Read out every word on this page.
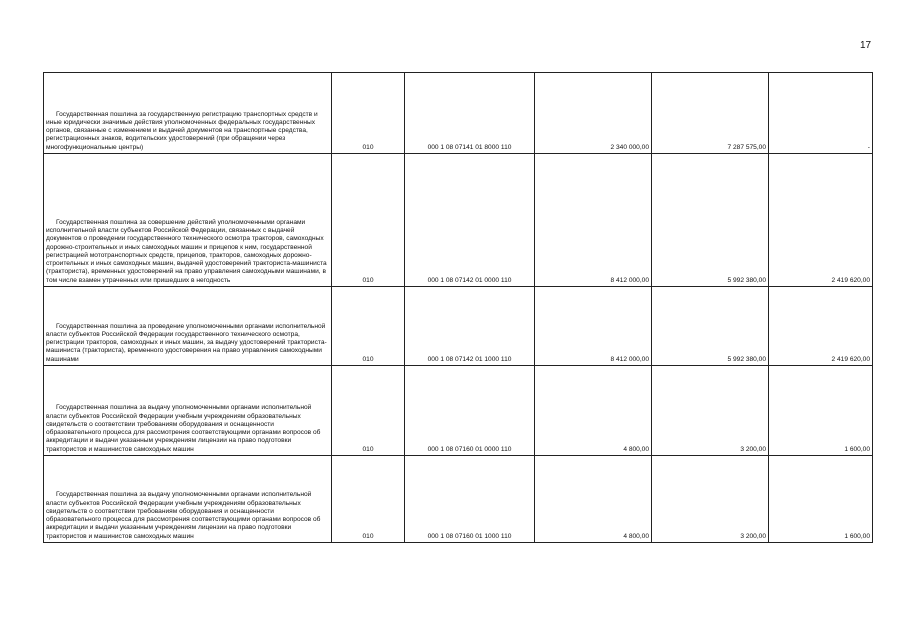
17
Государственная пошлина за государственную регистрацию транспортных средств и иные юридически значимые действия уполномоченных федеральных государственных органов, связанные с изменением и выдачей документов на транспортные средства, регистрационных знаков, водительских удостоверений (при обращении через многофункциональные центры)	010	000 1 08 07141 01 8000 110	2 340 000,00	7 287 575,00	-

Государственная пошлина за совершение действий уполномоченными органами исполнительной власти субъектов Российской Федерации, связанных с выдачей документов о проведении государственного технического осмотра тракторов, самоходных дорожно-строительных и иных самоходных машин и прицепов к ним, государственной регистрацией мототранспортных средств, прицепов, тракторов, самоходных дорожно-строительных и иных самоходных машин, выдачей удостоверений тракториста-машиниста (тракториста), временных удостоверений на право управления самоходными машинами, в том числе взамен утраченных или пришедших в негодность	010	000 1 08 07142 01 0000 110	8 412 000,00	5 992 380,00	2 419 620,00

Государственная пошлина за проведение уполномоченными органами исполнительной власти субъектов Российской Федерации государственного технического осмотра, регистрации тракторов, самоходных и иных машин, за выдачу удостоверений тракториста-машиниста (тракториста), временного удостоверения на право управления самоходными машинами	010	000 1 08 07142 01 1000 110	8 412 000,00	5 992 380,00	2 419 620,00

Государственная пошлина за выдачу уполномоченными органами исполнительной власти субъектов Российской Федерации учебным учреждениям образовательных свидетельств о соответствии требованиям оборудования и оснащенности образовательного процесса для рассмотрения соответствующими органами вопросов об аккредитации и выдачи указанным учреждениям лицензии на право подготовки трактористов и машинистов самоходных машин	010	000 1 08 07160 01 0000 110	4 800,00	3 200,00	1 600,00

Государственная пошлина за выдачу уполномоченными органами исполнительной власти субъектов Российской Федерации учебным учреждениям образовательных свидетельств о соответствии требованиям оборудования и оснащенности образовательного процесса для рассмотрения соответствующими органами вопросов об аккредитации и выдачи указанным учреждениям лицензии на право подготовки трактористов и машинистов самоходных машин	010	000 1 08 07160 01 1000 110	4 800,00	3 200,00	1 600,00
